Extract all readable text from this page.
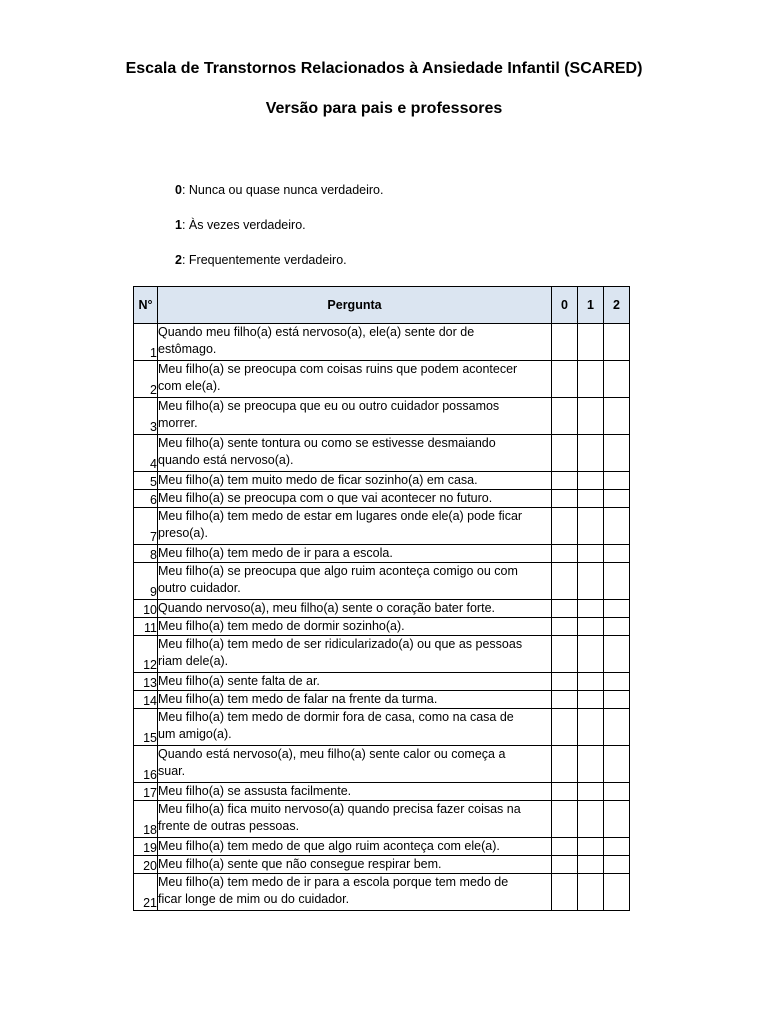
Escala de Transtornos Relacionados à Ansiedade Infantil (SCARED)
Versão para pais e professores
0: Nunca ou quase nunca verdadeiro.
1: Às vezes verdadeiro.
2: Frequentemente verdadeiro.
N°	Pergunta	0	1	2
1	Quando meu filho(a) está nervoso(a), ele(a) sente dor de
estômago.			

2	Meu filho(a) se preocupa com coisas ruins que podem acontecer
com ele(a).			

3	Meu filho(a) se preocupa que eu ou outro cuidador possamos
morrer.			

4	Meu filho(a) sente tontura ou como se estivesse desmaiando
quando está nervoso(a).			

5	Meu filho(a) tem muito medo de ficar sozinho(a) em casa.			

6	Meu filho(a) se preocupa com o que vai acontecer no futuro.			

7	Meu filho(a) tem medo de estar em lugares onde ele(a) pode ficar
preso(a).			

8	Meu filho(a) tem medo de ir para a escola.			

9	Meu filho(a) se preocupa que algo ruim aconteça comigo ou com
outro cuidador.			

10	Quando nervoso(a), meu filho(a) sente o coração bater forte.			

11	Meu filho(a) tem medo de dormir sozinho(a).			

12	Meu filho(a) tem medo de ser ridicularizado(a) ou que as pessoas
riam dele(a).			

13	Meu filho(a) sente falta de ar.			

14	Meu filho(a) tem medo de falar na frente da turma.			

15	Meu filho(a) tem medo de dormir fora de casa, como na casa de
um amigo(a).			

16	Quando está nervoso(a), meu filho(a) sente calor ou começa a
suar.			

17	Meu filho(a) se assusta facilmente.			

18	Meu filho(a) fica muito nervoso(a) quando precisa fazer coisas na
frente de outras pessoas.			

19	Meu filho(a) tem medo de que algo ruim aconteça com ele(a).			

20	Meu filho(a) sente que não consegue respirar bem.			

21	Meu filho(a) tem medo de ir para a escola porque tem medo de
ficar longe de mim ou do cuidador.			
